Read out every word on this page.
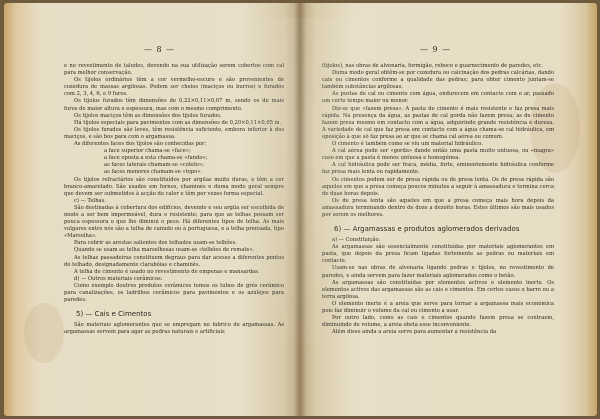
— 8 —

e no revestimento de taludes, devendo na sua utilização serem cobertos com cal para melhor conservação.

Os tijolos ordinários têm a cor vermelho-escuro e são provenientes de cozedura de massas argilosas. Podem ser cheios (maciços ou burros) e furados com 2, 3, 4, 6, e 9 furos.

Os tijolos furados têm dimensões de 0,22×0,11×0,07 m, sendo os de mais furos de maior altura e espessura, mas com o mesmo comprimento.

Os tijolos maciços têm as dimensões dos tijolos furados.

Há tijolos especiais para pavimentos com as dimensões de 0,20×0,11×0,05 m.

Os tijolos furados são leves, têm resistência suficiente, embora inferior à dos maciços, e são bos para com o argamassa.

As diferentes faces dos tijolos são conhecidas por:

a face superior chama-se «face»;

a face oposta a esta chama-se «fundo»;

as faces laterais chamam-se «cutelo»;

as faces menores chamam-se «topo».

Os tijolos refractários são constituídos por argilas muito duras, e têm a cor branco-amarelado. São usados em fornos, chaminés e duma modo geral sempre que devem ser submetidos à acção do calor e têm por vezes forma especial.

c) — Telhas.

São destinadas à cobertura dos edifícios, devendo o seu argila ser escolhida de modo a ser bem impermeável, dura e resistente; para que as telhas possam ser pouca espessura e que lhe diminui o peso. Há diferentes tipos de telha. As mais vulgares entre nós são a telha de canudo ou à portuguesa, e a telha prensada, tipo «Marselha».

Para cobrir as arestas salientes dos telhados usam-se telhões.

Quando se usam as telha marselhesas usam-se «telhões de remate».

As telhas passadeiras constituem degraus para dar acesso a diferentes pontos do telhado, designadamente clarabóias e chaminés.

A telha de cimento é usado no revestimento de empenas e mansardas.

d) — Outros materiais cerâmicos:

Como exemplo doutros produtos cerâmicos temos os tubos de grés cerâmico para canalizações, os ladrilhos cerâmicos para pavimentos e os azulejos para paredes.

5) — Cais e Cimentos

São materiais aglomerantes que se empregam no fabrico de argamassas. As argamassas servem para agar as pedras naturais e artificiais

— 9 —

(tijolos), nas obras de alvenaria, formigão, reboco e guarnecimento de paredes, etc.

Duma modo geral obtêm-se por cozedura ou calcinação dos pedras calcárias, dando cais ou cimentos conforme a qualidade das pedras; para obter cimento juntam-se também substâncias argilosas.

As postas de cal ou cimento com água, endurecem em contacto com o ar, passado um certo tempo maior ou menor.

Diz-se que «fazem presa». A pasta de cimento é mais resistente e faz presa mais rápida. Na presença da água, as pastas de cal gorda não fazem presa; as de cimento fazem presa mesmo em contacto com a água, adquirindo grande resistência e dureza. A variedade de cal que faz presa em contacto com a água chama-se cal hidráulica, em oposição à que só faz presa ao ar que se chama cal aérea ou comum.

O cimento é também como se viu um material hidráulico.

A cal aérea pode ser «gorda» dando então uma pasta muito untuosa, ou «magra» caso em que a pasta é menos untuosa e homogénea.

A cal hidráulica pode ser fraca, média, forte, eminentemente hidráulica conforme faz presa mais lenta ou rapidamente.

Os cimentos podem ser de presa rápida ou de presa lenta. Os de presa rápida são aqueles em que a presa começa poucos minutos a seguir à amassadura e termina cerca de duas horas depois.

Os de presa lenta são aqueles em que a presa começa mais hora depois da amassadura terminando dentro de doze a dezoito horas. Estes últimos são mais usados por serem os melhores.

6) — Argamassas e produtos aglomerados derivados

a) — Constituição.

As argamassas são essencialmente constituídas por materiais aglomerantes em pasta, que depois da presa ficam ligadas fortemente as pedras ou materiais em contacto.

Usam-se nas obras de alvenaria ligando pedras e tijolos, no revestimento de paredes, e ainda servem para fazer materiais aglomerados como o betão.

As argamassas são constituídas por elementos activos e elemento inerte. Os elementos activos das argamassas são as cais e cimentos. Em certos casos o barro ou a terra argilosa.

O elemento inerte é a areia que serve para tornar a argamassa mais económica pois faz diminuir o volume da cal ou cimento a usar.

Por outro lado, como as cais e cimentos quando fazem presa se contraem, diminuindo de volume, a areia obsta esse inconveniente.

Além disso ainda a areia serve para aumentar a resistência da
